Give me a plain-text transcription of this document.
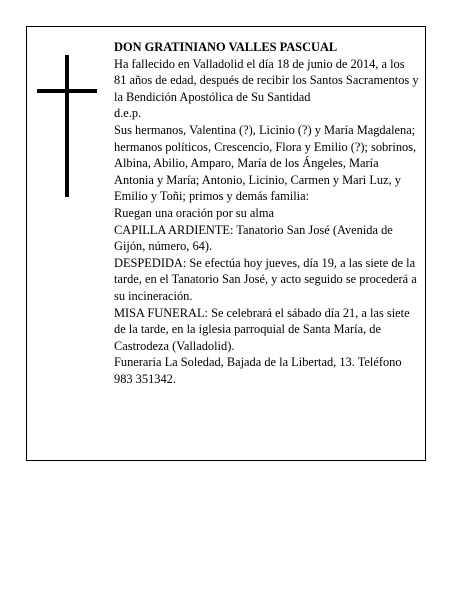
DON GRATINIANO VALLES PASCUAL

Ha fallecido en Valladolid el día 18 de junio de 2014, a los 81 años de edad, después de recibir los Santos Sacramentos y la Bendición Apostólica de Su Santidad

d.e.p.

Sus hermanos, Valentina (?), Licinio (?) y María Magdalena; hermanos políticos, Crescencio, Flora y Emilio (?); sobrinos, Albina, Abilio, Amparo, María de los Ángeles, María Antonia y María; Antonio, Licinio, Carmen y Mari Luz, y Emilio y Toñi; primos y demás familia:

Ruegan una oración por su alma

CAPILLA ARDIENTE: Tanatorio San José (Avenida de Gijón, número, 64).

DESPEDIDA: Se efectúa hoy jueves, día 19, a las siete de la tarde, en el Tanatorio San José, y acto seguido se procederá a su incineración.

MISA FUNERAL: Se celebrará el sábado día 21, a las siete de la tarde, en la iglesia parroquial de Santa María, de Castrodeza (Valladolid).

Funeraria La Soledad, Bajada de la Libertad, 13. Teléfono 983 351342.
